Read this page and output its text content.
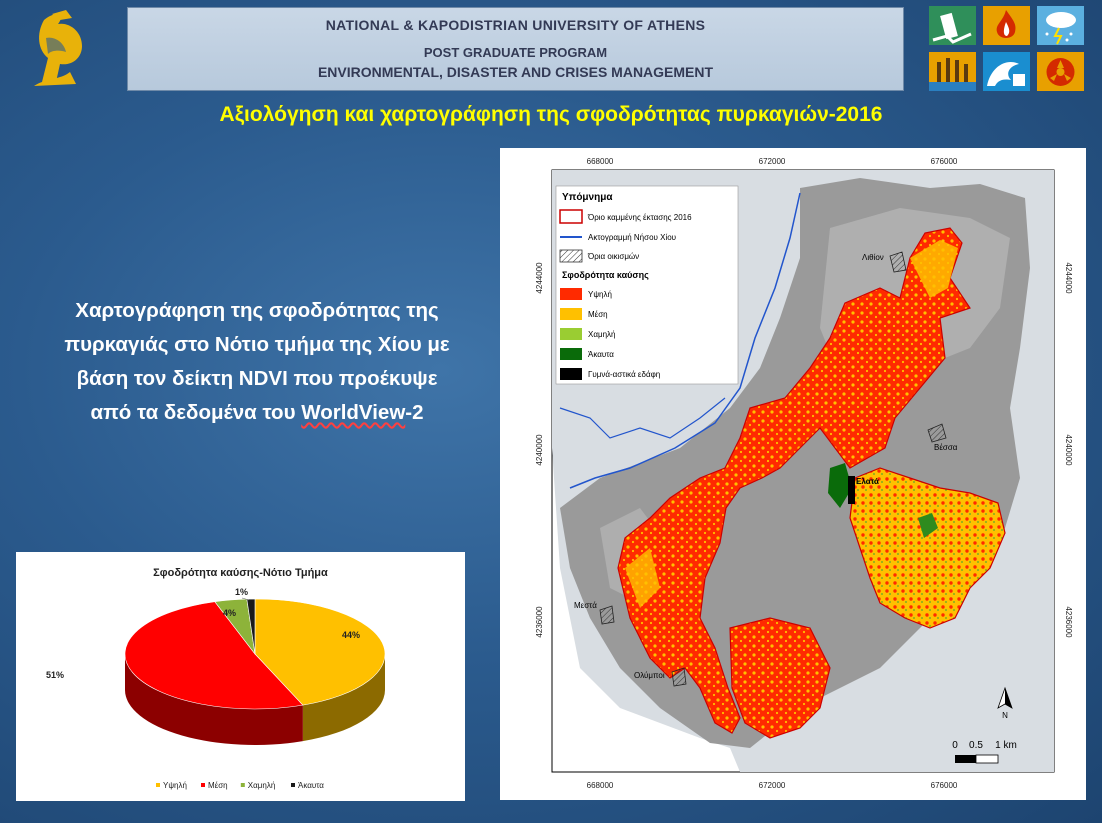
NATIONAL & KAPODISTRIAN UNIVERSITY OF ATHENS
POST GRADUATE PROGRAM
ENVIRONMENTAL, DISASTER AND CRISES MANAGEMENT
Αξιολόγηση και χαρτογράφηση της σφοδρότητας πυρκαγιών-2016
Χαρτογράφηση της σφοδρότητας της
πυρκαγιάς στο Νότιο τμήμα της Χίου με
βάση τον δείκτη NDVI που προέκυψε
από τα δεδομένα του WorldView-2
Σφοδρότητα καύσης-Νότιο Τμήμα
44%
51%
4%
1%
Υψηλή	Μέση	Χαμηλή	Άκαυτα
668000	672000	676000
668000	672000	676000
4244000
4240000
4236000
4244000
4240000
4236000
Υπόμνημα
Όριο καμμένης έκτασης 2016
Ακτογραμμή Νήσου Χίου
Όρια οικισμών
Σφοδρότητα καύσης
Υψηλή
Μέση
Χαμηλή
Άκαυτα
Γυμνά-αστικά εδάφη
Λιθίον
Βέσσα
Ελατά
Μεστά
Ολύμποι
N
0 0.5 1 km
